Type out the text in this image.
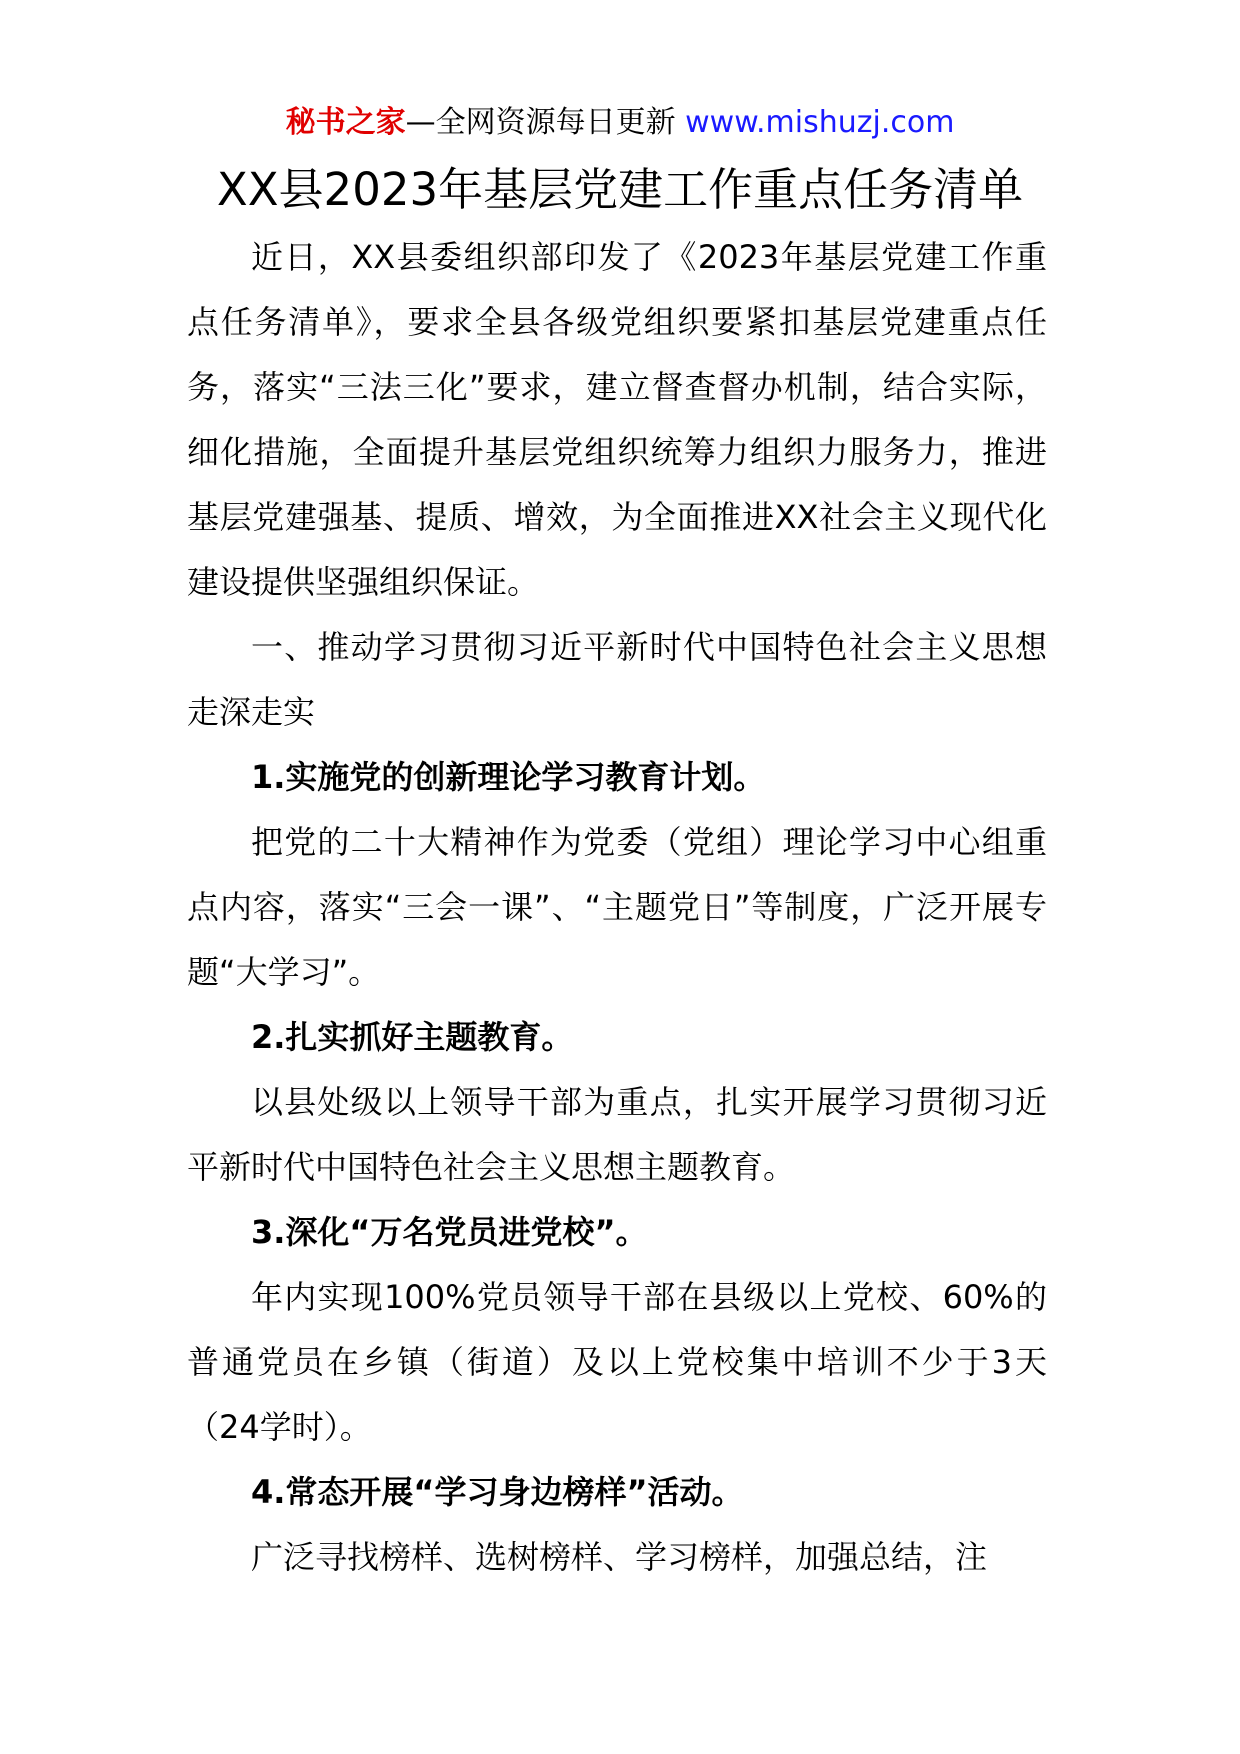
秘书之家—全网资源每日更新 www.mishuzj.com
XX县2023年基层党建工作重点任务清单

近日，XX县委组织部印发了《2023年基层党建工作重点任务清单》，要求全县各级党组织要紧扣基层党建重点任务，落实“三法三化”要求，建立督查督办机制，结合实际，细化措施，全面提升基层党组织统筹力组织力服务力，推进基层党建强基、提质、增效，为全面推进XX社会主义现代化建设提供坚强组织保证。

一、推动学习贯彻习近平新时代中国特色社会主义思想走深走实

1.实施党的创新理论学习教育计划。

把党的二十大精神作为党委（党组）理论学习中心组重点内容，落实“三会一课”、“主题党日”等制度，广泛开展专题“大学习”。

2.扎实抓好主题教育。

以县处级以上领导干部为重点，扎实开展学习贯彻习近平新时代中国特色社会主义思想主题教育。

3.深化“万名党员进党校”。

年内实现100%党员领导干部在县级以上党校、60%的普通党员在乡镇（街道）及以上党校集中培训不少于3天（24学时）。

4.常态开展“学习身边榜样”活动。

广泛寻找榜样、选树榜样、学习榜样，加强总结，注
